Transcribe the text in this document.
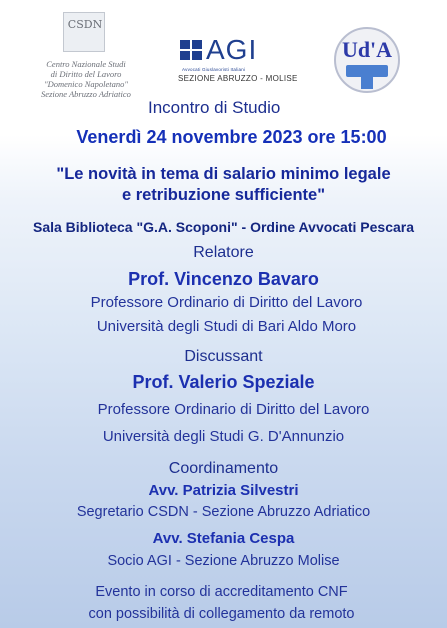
CSDN
Centro Nazionale Studi
di Diritto del Lavoro
"Domenico Napoletano"
Sezione Abruzzo Adriatico
AGI
Avvocati Giuslavoristi Italiani
SEZIONE ABRUZZO - MOLISE
Ud'A
Incontro di Studio
Venerdì 24 novembre 2023 ore 15:00
"Le novità in tema di salario minimo legale
e retribuzione sufficiente"
Sala Biblioteca "G.A. Scoponi" - Ordine Avvocati Pescara
Relatore
Prof. Vincenzo Bavaro
Professore Ordinario di Diritto del Lavoro
Università degli Studi di Bari Aldo Moro
Discussant
Prof. Valerio Speziale
Professore Ordinario di Diritto del Lavoro
Università degli Studi G. D'Annunzio
Coordinamento
Avv. Patrizia Silvestri
Segretario CSDN - Sezione Abruzzo Adriatico
Avv. Stefania Cespa
Socio AGI - Sezione Abruzzo Molise
Evento in corso di accreditamento CNF
con possibilità di collegamento da remoto
